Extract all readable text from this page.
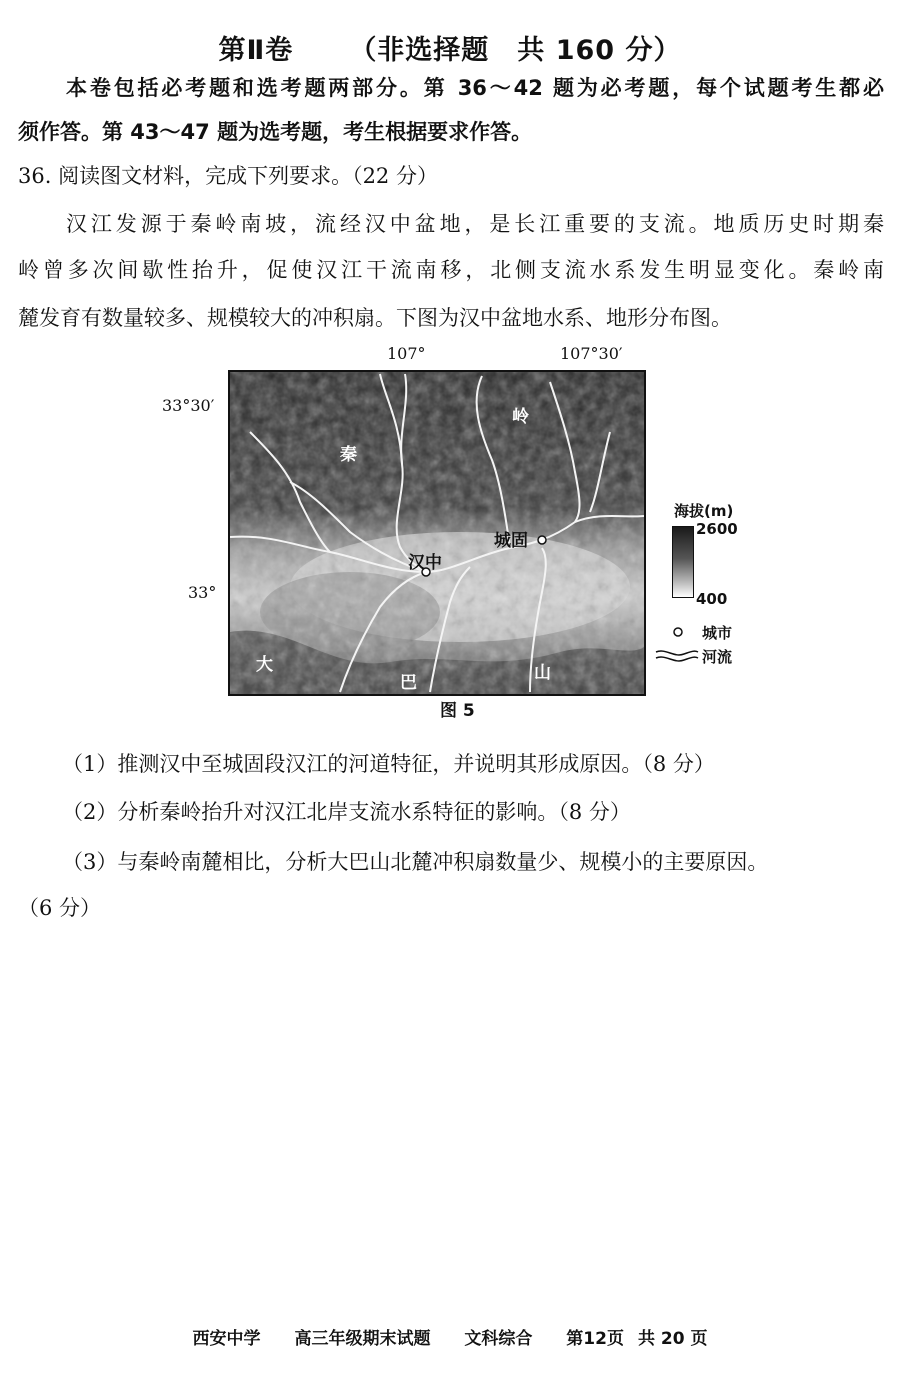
第Ⅱ卷 （非选择题　共 160 分）
本卷包括必考题和选考题两部分。第 36～42 题为必考题，每个试题考生都必
须作答。第 43～47 题为选考题，考生根据要求作答。
36. 阅读图文材料，完成下列要求。（22 分）
汉江发源于秦岭南坡，流经汉中盆地，是长江重要的支流。地质历史时期秦
岭曾多次间歇性抬升，促使汉江干流南移，北侧支流水系发生明显变化。秦岭南
麓发育有数量较多、规模较大的冲积扇。下图为汉中盆地水系、地形分布图。
107°	107°30′
33°30′
33°
秦
岭
汉中
城固
大
巴	山
海拔(m)
2600
400
城市
河流
图 5
（1）推测汉中至城固段汉江的河道特征，并说明其形成原因。（8 分）
（2）分析秦岭抬升对汉江北岸支流水系特征的影响。（8 分）
（3）与秦岭南麓相比，分析大巴山北麓冲积扇数量少、规模小的主要原因。
（6 分）
西安中学 高三年级期末试题 文科综合 第12页 共 20 页
